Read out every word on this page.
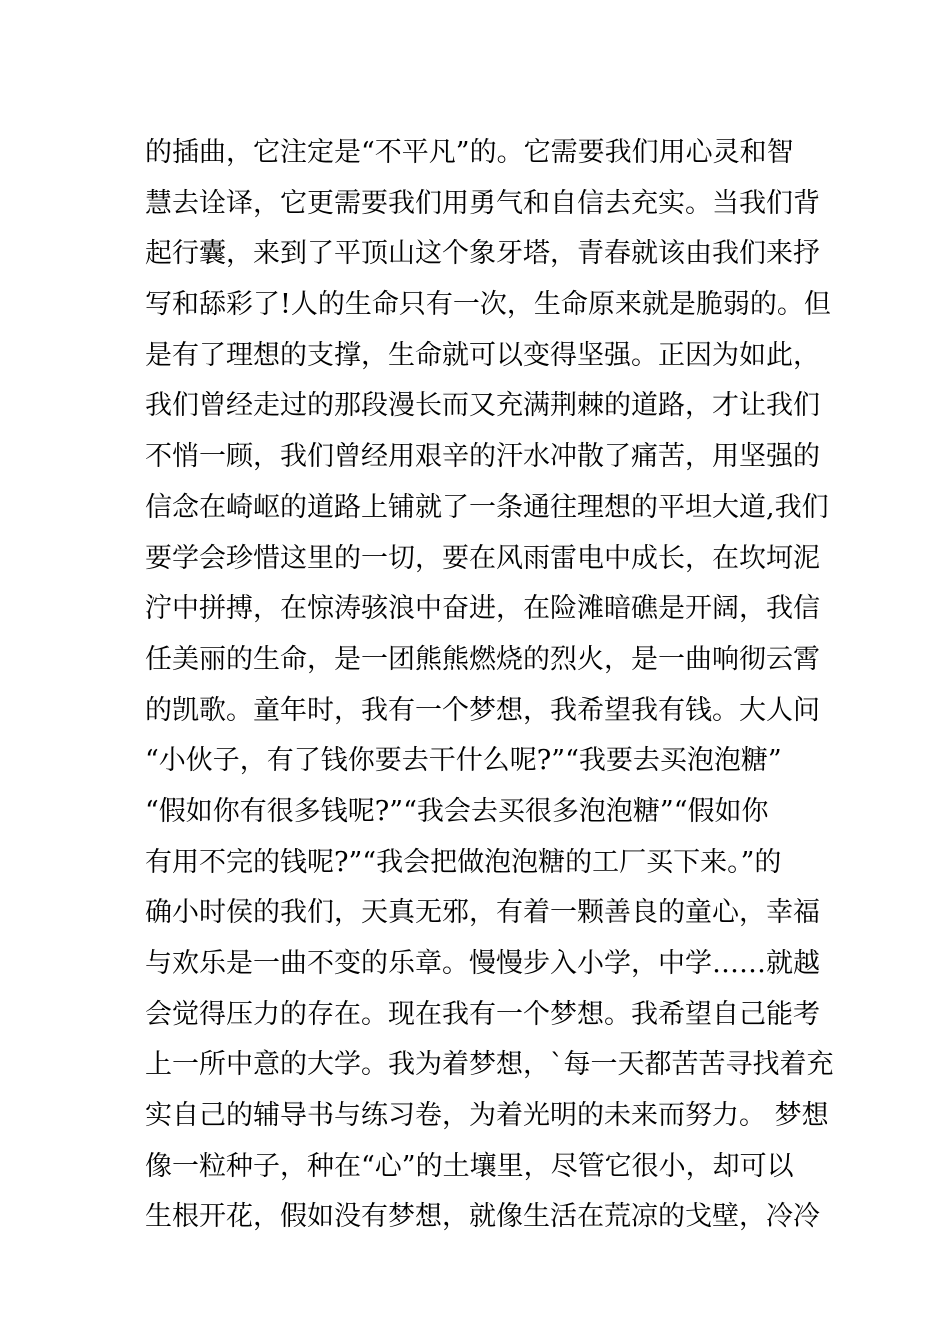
的插曲，它注定是“不平凡”的。它需要我们用心灵和智
慧去诠译，它更需要我们用勇气和自信去充实。当我们背
起行囊，来到了平顶山这个象牙塔，青春就该由我们来抒
写和舔彩了!人的生命只有一次，生命原来就是脆弱的。但
是有了理想的支撑，生命就可以变得坚强。正因为如此，
我们曾经走过的那段漫长而又充满荆棘的道路，才让我们
不悄一顾，我们曾经用艰辛的汗水冲散了痛苦，用坚强的
信念在崎岖的道路上铺就了一条通往理想的平坦大道,我们
要学会珍惜这里的一切，要在风雨雷电中成长，在坎坷泥
泞中拼搏，在惊涛骇浪中奋进，在险滩暗礁是开阔，我信
任美丽的生命，是一团熊熊燃烧的烈火，是一曲响彻云霄
的凯歌。童年时，我有一个梦想，我希望我有钱。大人问
“小伙子，有了钱你要去干什么呢?”“我要去买泡泡糖”
“假如你有很多钱呢?”“我会去买很多泡泡糖”“假如你
有用不完的钱呢?”“我会把做泡泡糖的工厂买下来。”的
确小时侯的我们，天真无邪，有着一颗善良的童心，幸福
与欢乐是一曲不变的乐章。慢慢步入小学，中学……就越
会觉得压力的存在。现在我有一个梦想。我希望自己能考
上一所中意的大学。我为着梦想，`每一天都苦苦寻找着充
实自己的辅导书与练习卷，为着光明的未来而努力。 梦想
像一粒种子，种在“心”的土壤里，尽管它很小，却可以
生根开花，假如没有梦想，就像生活在荒凉的戈壁，冷冷
